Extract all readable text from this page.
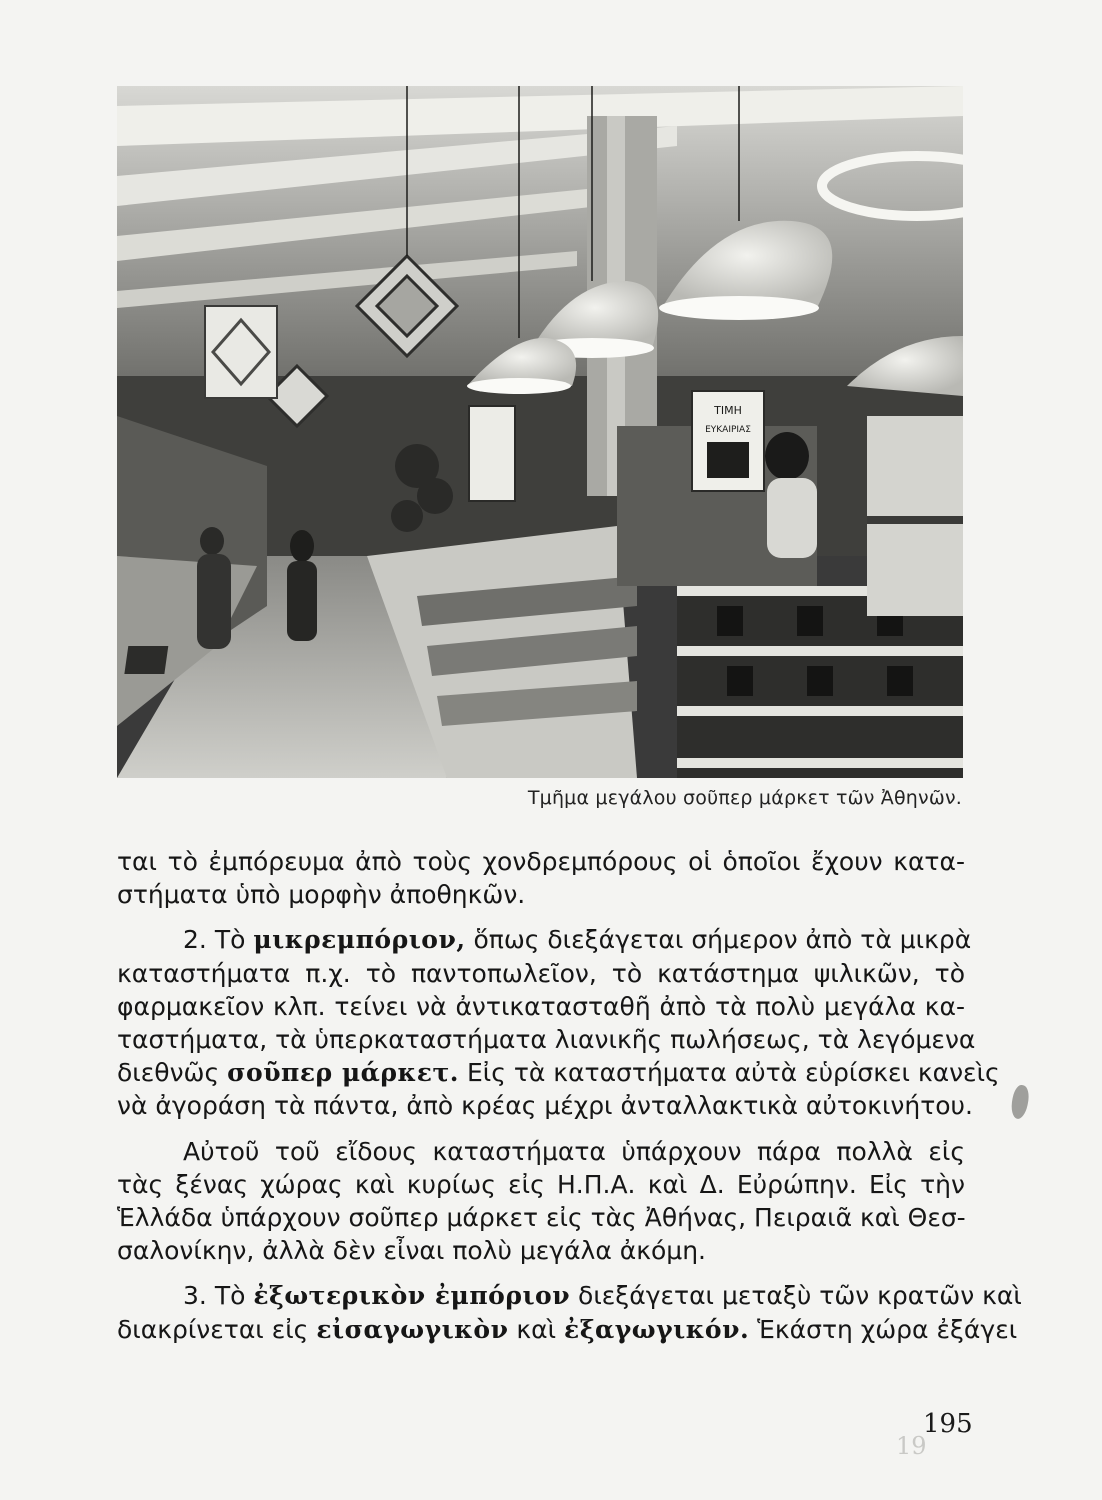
ΤΙΜΗ
ΕΥΚΑΙΡΙΑΣ
Τμῆμα μεγάλου σοῦπερ μάρκετ τῶν Ἀθηνῶν.
ται τὸ ἐμπόρευμα ἀπὸ τοὺς χονδρεμπόρους οἱ ὁποῖοι ἔχουν κατα-
στήματα ὑπὸ μορφὴν ἀποθηκῶν.
2. Τὸ μικρεμπόριον, ὅπως διεξάγεται σήμερον ἀπὸ τὰ μικρὰ
καταστήματα π.χ. τὸ παντοπωλεῖον, τὸ κατάστημα ψιλικῶν, τὸ
φαρμακεῖον κλπ. τείνει νὰ ἀντικατασταθῆ ἀπὸ τὰ πολὺ μεγάλα κα-
ταστήματα, τὰ ὑπερκαταστήματα λιανικῆς πωλήσεως, τὰ λεγόμενα
διεθνῶς σοῦπερ μάρκετ. Εἰς τὰ καταστήματα αὐτὰ εὑρίσκει κανεὶς
νὰ ἀγοράση τὰ πάντα, ἀπὸ κρέας μέχρι ἀνταλλακτικὰ αὐτοκινήτου.
Αὐτοῦ τοῦ εἴδους καταστήματα ὑπάρχουν πάρα πολλὰ εἰς
τὰς ξένας χώρας καὶ κυρίως εἰς Η.Π.Α. καὶ Δ. Εὐρώπην. Εἰς τὴν
Ἑλλάδα ὑπάρχουν σοῦπερ μάρκετ εἰς τὰς Ἀθήνας, Πειραιᾶ καὶ Θεσ-
σαλονίκην, ἀλλὰ δὲν εἶναι πολὺ μεγάλα ἀκόμη.
3. Τὸ ἐξωτερικὸν ἐμπόριον διεξάγεται μεταξὺ τῶν κρατῶν καὶ
διακρίνεται εἰς εἰσαγωγικὸν καὶ ἐξαγωγικόν. Ἑκάστη χώρα ἐξάγει
195
19
